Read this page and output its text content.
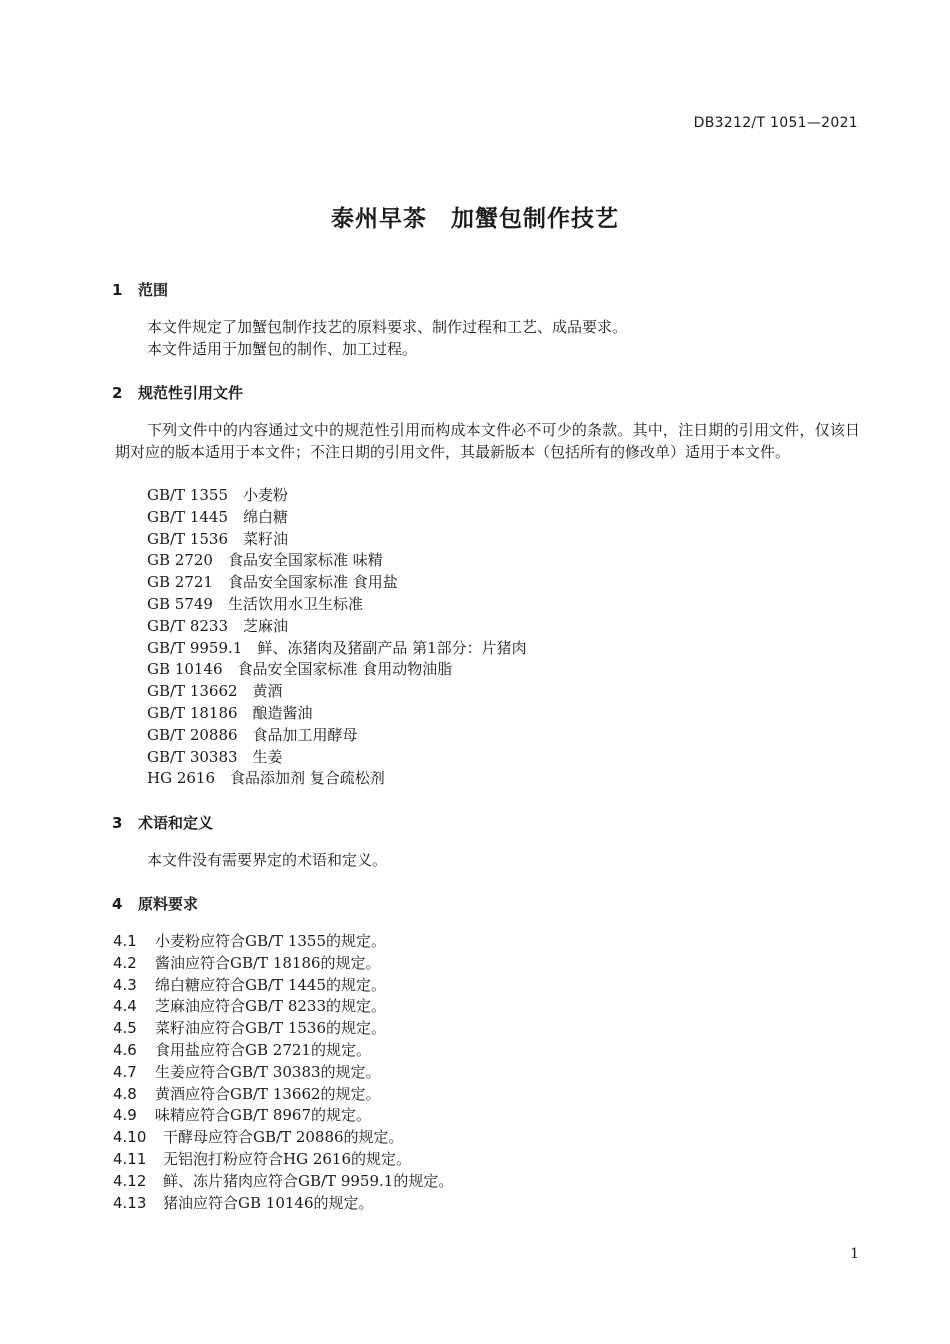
DB3212/T 1051—2021
泰州早茶　加蟹包制作技艺
1 范围
本文件规定了加蟹包制作技艺的原料要求、制作过程和工艺、成品要求。
本文件适用于加蟹包的制作、加工过程。
2 规范性引用文件
下列文件中的内容通过文中的规范性引用而构成本文件必不可少的条款。其中，注日期的引用文件，仅该日期对应的版本适用于本文件；不注日期的引用文件，其最新版本（包括所有的修改单）适用于本文件。
GB/T 1355　小麦粉
GB/T 1445　绵白糖
GB/T 1536　菜籽油
GB 2720　食品安全国家标准 味精
GB 2721　食品安全国家标准 食用盐
GB 5749　生活饮用水卫生标准
GB/T 8233　芝麻油
GB/T 9959.1　鲜、冻猪肉及猪副产品 第1部分：片猪肉
GB 10146　食品安全国家标准 食用动物油脂
GB/T 13662　黄酒
GB/T 18186　酿造酱油
GB/T 20886　食品加工用酵母
GB/T 30383　生姜
HG 2616　食品添加剂 复合疏松剂
3 术语和定义
本文件没有需要界定的术语和定义。
4 原料要求
4.1 小麦粉应符合GB/T 1355的规定。
4.2 酱油应符合GB/T 18186的规定。
4.3 绵白糖应符合GB/T 1445的规定。
4.4 芝麻油应符合GB/T 8233的规定。
4.5 菜籽油应符合GB/T 1536的规定。
4.6 食用盐应符合GB 2721的规定。
4.7 生姜应符合GB/T 30383的规定。
4.8 黄酒应符合GB/T 13662的规定。
4.9 味精应符合GB/T 8967的规定。
4.10 干酵母应符合GB/T 20886的规定。
4.11 无铝泡打粉应符合HG 2616的规定。
4.12 鲜、冻片猪肉应符合GB/T 9959.1的规定。
4.13 猪油应符合GB 10146的规定。
1
